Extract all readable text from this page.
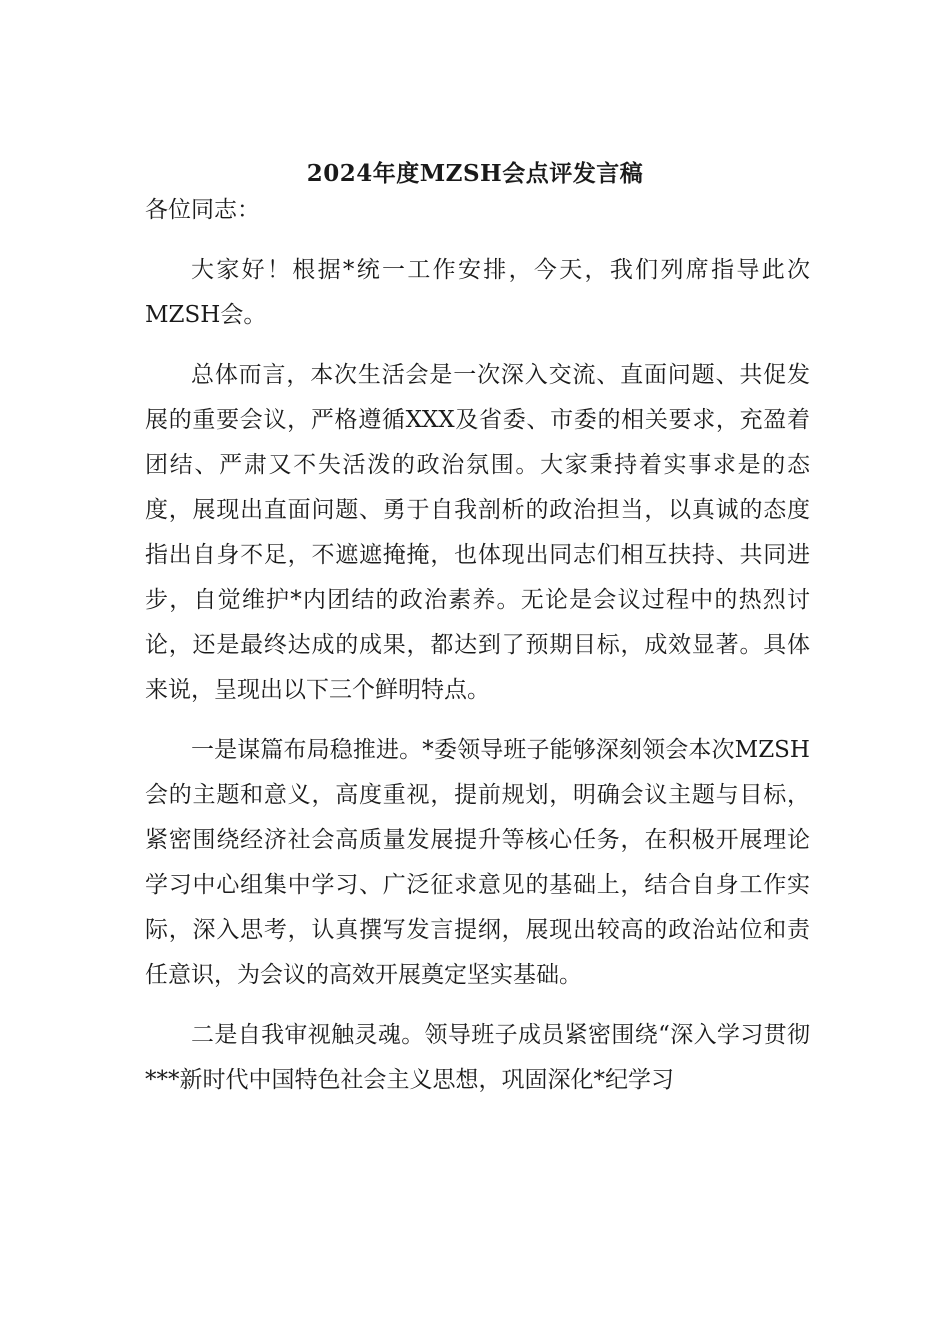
2024年度MZSH会点评发言稿

各位同志：

大家好！根据*统一工作安排，今天，我们列席指导此次MZSH会。

总体而言，本次生活会是一次深入交流、直面问题、共促发展的重要会议，严格遵循XXX及省委、市委的相关要求，充盈着团结、严肃又不失活泼的政治氛围。大家秉持着实事求是的态度，展现出直面问题、勇于自我剖析的政治担当，以真诚的态度指出自身不足，不遮遮掩掩，也体现出同志们相互扶持、共同进步，自觉维护*内团结的政治素养。无论是会议过程中的热烈讨论，还是最终达成的成果，都达到了预期目标，成效显著。具体来说，呈现出以下三个鲜明特点。

一是谋篇布局稳推进。*委领导班子能够深刻领会本次MZSH会的主题和意义，高度重视，提前规划，明确会议主题与目标，紧密围绕经济社会高质量发展提升等核心任务，在积极开展理论学习中心组集中学习、广泛征求意见的基础上，结合自身工作实际，深入思考，认真撰写发言提纲，展现出较高的政治站位和责任意识，为会议的高效开展奠定坚实基础。

二是自我审视触灵魂。领导班子成员紧密围绕“深入学习贯彻***新时代中国特色社会主义思想，巩固深化*纪学习
